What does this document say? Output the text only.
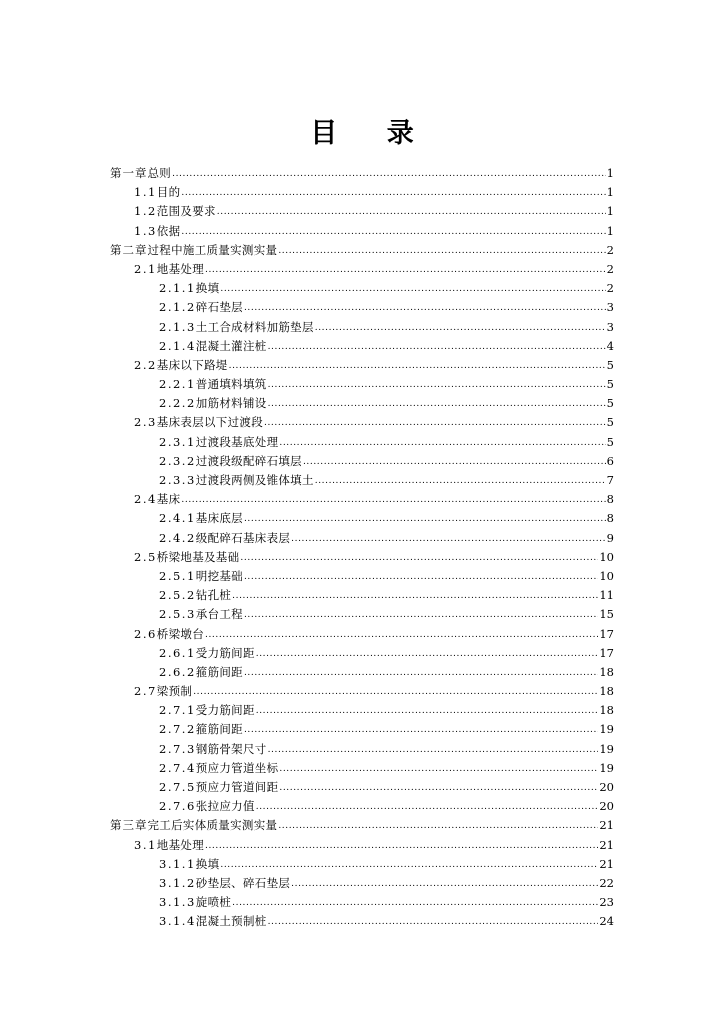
目 录
第一章 总则 .....	1
1.1 目的 .....	1
1.2 范围及要求 .....	1
1.3 依据 .....	1
第二章 过程中施工质量实测实量 .....	2
2.1 地基处理 .....	2
2.1.1 换填 .....	2
2.1.2 碎石垫层 .....	3
2.1.3 土工合成材料加筋垫层 .....	3
2.1.4 混凝土灌注桩 .....	4
2.2 基床以下路堤 .....	5
2.2.1 普通填料填筑 .....	5
2.2.2 加筋材料铺设 .....	5
2.3 基床表层以下过渡段 .....	5
2.3.1 过渡段基底处理 .....	5
2.3.2 过渡段级配碎石填层 .....	6
2.3.3 过渡段两侧及锥体填土 .....	7
2.4 基床 .....	8
2.4.1 基床底层 .....	8
2.4.2 级配碎石基床表层 .....	9
2.5 桥梁地基及基础 .....	10
2.5.1 明挖基础 .....	10
2.5.2 钻孔桩 .....	11
2.5.3 承台工程 .....	15
2.6 桥梁墩台 .....	17
2.6.1 受力筋间距 .....	17
2.6.2 箍筋间距 .....	18
2.7 梁预制 .....	18
2.7.1 受力筋间距 .....	18
2.7.2 箍筋间距 .....	19
2.7.3 钢筋骨架尺寸 .....	19
2.7.4 预应力管道坐标 .....	19
2.7.5 预应力管道间距 .....	20
2.7.6 张拉应力值 .....	20
第三章 完工后实体质量实测实量 .....	21
3.1 地基处理 .....	21
3.1.1 换填 .....	21
3.1.2 砂垫层、碎石垫层 .....	22
3.1.3 旋喷桩 .....	23
3.1.4 混凝土预制桩 .....	24
